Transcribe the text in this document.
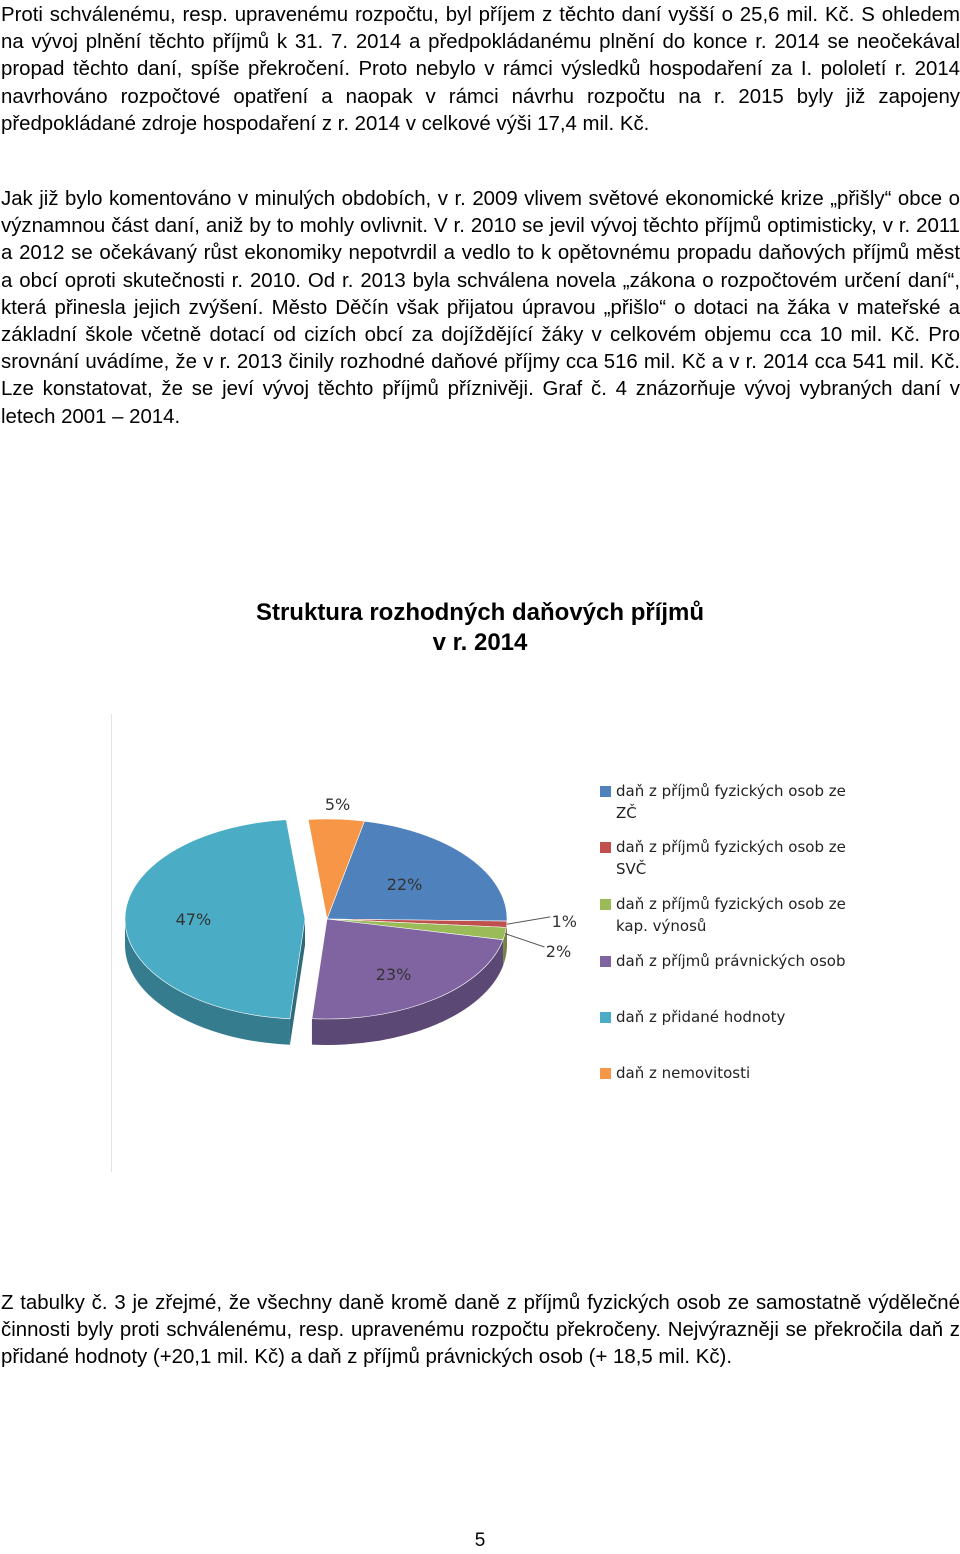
Proti schválenému, resp. upravenému rozpočtu, byl příjem z těchto daní vyšší o 25,6 mil. Kč. S ohledem na vývoj plnění těchto příjmů k 31. 7. 2014 a předpokládanému plnění do konce r. 2014 se neočekával propad těchto daní, spíše překročení. Proto nebylo v rámci výsledků hospodaření za I. pololetí r. 2014 navrhováno rozpočtové opatření a naopak v rámci návrhu rozpočtu na r. 2015 byly již zapojeny předpokládané zdroje hospodaření z r. 2014 v celkové výši 17,4 mil. Kč.

Jak již bylo komentováno v minulých obdobích, v r. 2009 vlivem světové ekonomické krize „přišly“ obce o významnou část daní, aniž by to mohly ovlivnit. V r. 2010 se jevil vývoj těchto příjmů optimisticky, v r. 2011 a 2012 se očekávaný růst ekonomiky nepotvrdil a vedlo to k opětovnému propadu daňových příjmů měst a obcí oproti skutečnosti r. 2010. Od r. 2013 byla schválena novela „zákona o rozpočtovém určení daní“, která přinesla jejich zvýšení. Město Děčín však přijatou úpravou „přišlo“ o dotaci na žáka v mateřské a základní škole včetně dotací od cizích obcí za dojíždějící žáky v celkovém objemu cca 10 mil. Kč. Pro srovnání uvádíme, že v r. 2013 činily rozhodné daňové příjmy cca 516 mil. Kč a v r. 2014 cca 541 mil. Kč. Lze konstatovat, že se jeví vývoj těchto příjmů příznivěji. Graf č. 4 znázorňuje vývoj vybraných daní v letech 2001 – 2014.

Struktura rozhodných daňových příjmů
v r. 2014
22%
1%
2%
23%
47%
5%
daň z příjmů fyzických osob ze
ZČ
daň z příjmů fyzických osob ze
SVČ
daň z příjmů fyzických osob ze
kap. výnosů
daň z příjmů právnických osob
daň z přidané hodnoty
daň z nemovitosti

Z tabulky č. 3 je zřejmé, že všechny daně kromě daně z příjmů fyzických osob ze samostatně výdělečné činnosti byly proti schválenému, resp. upravenému rozpočtu překročeny. Nejvýrazněji se překročila daň z přidané hodnoty (+20,1 mil. Kč) a daň z příjmů právnických osob (+ 18,5 mil. Kč).

5
